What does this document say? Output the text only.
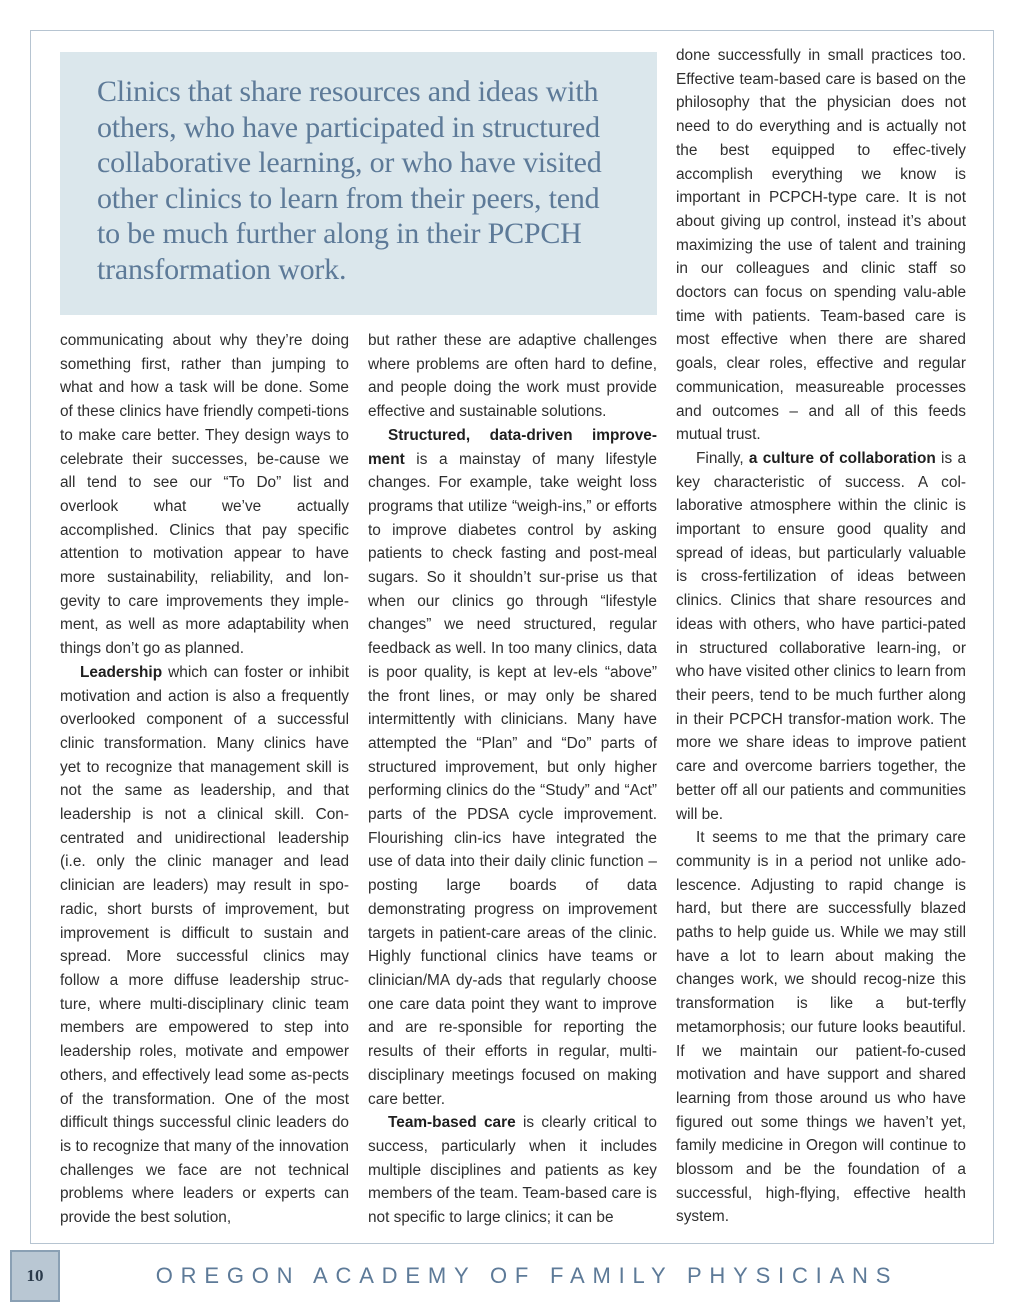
Clinics that share resources and ideas with others, who have participated in structured collaborative learning, or who have visited other clinics to learn from their peers, tend to be much further along in their PCPCH transformation work.

communicating about why they’re doing something first, rather than jumping to what and how a task will be done. Some of these clinics have friendly competi-tions to make care better. They design ways to celebrate their successes, be-cause we all tend to see our “To Do” list and overlook what we’ve actually accomplished. Clinics that pay specific attention to motivation appear to have more sustainability, reliability, and lon-gevity to care improvements they imple-ment, as well as more adaptability when things don’t go as planned.

Leadership which can foster or inhibit motivation and action is also a frequently overlooked component of a successful clinic transformation. Many clinics have yet to recognize that management skill is not the same as leadership, and that leadership is not a clinical skill. Con-centrated and unidirectional leadership (i.e. only the clinic manager and lead clinician are leaders) may result in spo-radic, short bursts of improvement, but improvement is difficult to sustain and spread. More successful clinics may follow a more diffuse leadership struc-ture, where multi-disciplinary clinic team members are empowered to step into leadership roles, motivate and empower others, and effectively lead some as-pects of the transformation. One of the most difficult things successful clinic leaders do is to recognize that many of the innovation challenges we face are not technical problems where leaders or experts can provide the best solution,

but rather these are adaptive challenges where problems are often hard to define, and people doing the work must provide effective and sustainable solutions.

Structured, data-driven improve-ment is a mainstay of many lifestyle changes. For example, take weight loss programs that utilize “weigh-ins,” or efforts to improve diabetes control by asking patients to check fasting and post-meal sugars. So it shouldn’t sur-prise us that when our clinics go through “lifestyle changes” we need structured, regular feedback as well. In too many clinics, data is poor quality, is kept at lev-els “above” the front lines, or may only be shared intermittently with clinicians. Many have attempted the “Plan” and “Do” parts of structured improvement, but only higher performing clinics do the “Study” and “Act” parts of the PDSA cycle improvement. Flourishing clin-ics have integrated the use of data into their daily clinic function – posting large boards of data demonstrating progress on improvement targets in patient-care areas of the clinic. Highly functional clinics have teams or clinician/MA dy-ads that regularly choose one care data point they want to improve and are re-sponsible for reporting the results of their efforts in regular, multi-disciplinary meetings focused on making care better.

Team-based care is clearly critical to success, particularly when it includes multiple disciplines and patients as key members of the team. Team-based care is not specific to large clinics; it can be

done successfully in small practices too. Effective team-based care is based on the philosophy that the physician does not need to do everything and is actually not the best equipped to effec-tively accomplish everything we know is important in PCPCH-type care. It is not about giving up control, instead it’s about maximizing the use of talent and training in our colleagues and clinic staff so doctors can focus on spending valu-able time with patients. Team-based care is most effective when there are shared goals, clear roles, effective and regular communication, measureable processes and outcomes – and all of this feeds mutual trust.

Finally, a culture of collaboration is a key characteristic of success. A col-laborative atmosphere within the clinic is important to ensure good quality and spread of ideas, but particularly valuable is cross-fertilization of ideas between clinics. Clinics that share resources and ideas with others, who have partici-pated in structured collaborative learn-ing, or who have visited other clinics to learn from their peers, tend to be much further along in their PCPCH transfor-mation work. The more we share ideas to improve patient care and overcome barriers together, the better off all our patients and communities will be.

It seems to me that the primary care community is in a period not unlike ado-lescence. Adjusting to rapid change is hard, but there are successfully blazed paths to help guide us. While we may still have a lot to learn about making the changes work, we should recog-nize this transformation is like a but-terfly metamorphosis; our future looks beautiful. If we maintain our patient-fo-cused motivation and have support and shared learning from those around us who have figured out some things we haven’t yet, family medicine in Oregon will continue to blossom and be the foundation of a successful, high-flying, effective health system.

10	OREGON ACADEMY OF FAMILY PHYSICIANS
